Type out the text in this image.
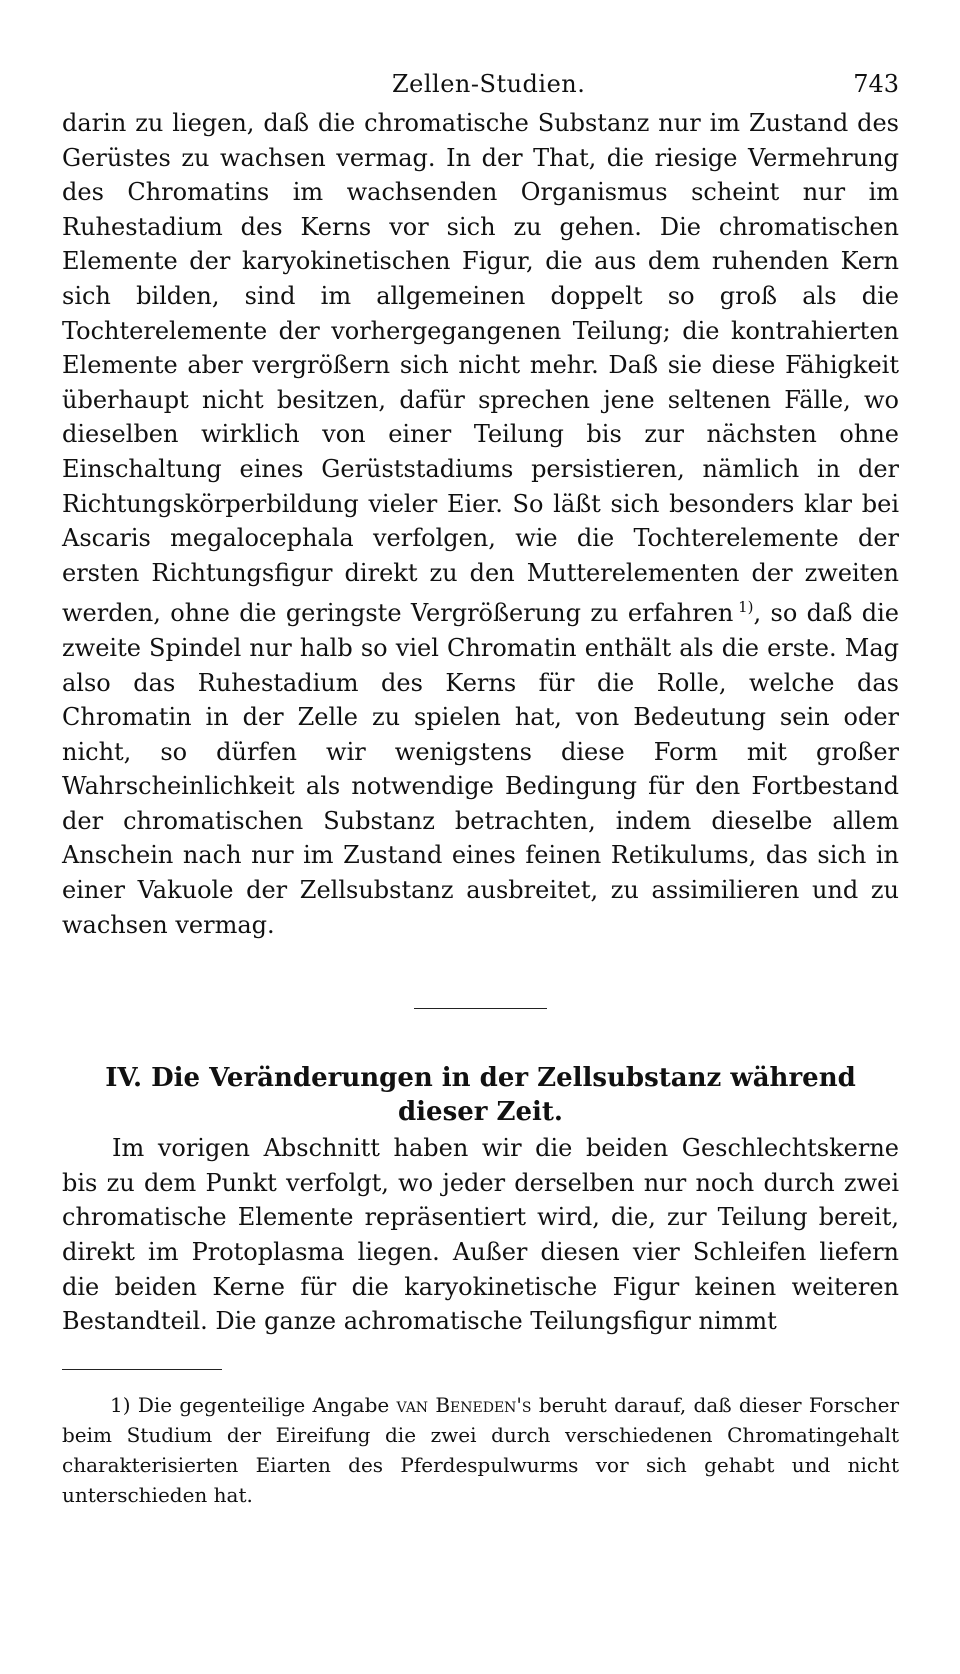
Zellen-Studien.	743

darin zu liegen, daß die chromatische Substanz nur im Zustand des Gerüstes zu wachsen vermag. In der That, die riesige Vermehrung des Chromatins im wachsenden Organismus scheint nur im Ruhestadium des Kerns vor sich zu gehen. Die chromatischen Elemente der karyokinetischen Figur, die aus dem ruhenden Kern sich bilden, sind im allgemeinen doppelt so groß als die Tochterelemente der vorhergegangenen Teilung; die kontrahierten Elemente aber vergrößern sich nicht mehr. Daß sie diese Fähigkeit überhaupt nicht besitzen, dafür sprechen jene seltenen Fälle, wo dieselben wirklich von einer Teilung bis zur nächsten ohne Einschaltung eines Gerüststadiums persistieren, nämlich in der Richtungskörperbildung vieler Eier. So läßt sich besonders klar bei Ascaris megalocephala verfolgen, wie die Tochterelemente der ersten Richtungsfigur direkt zu den Mutterelementen der zweiten werden, ohne die geringste Vergrößerung zu erfahren  $^{1)}$, so daß die zweite Spindel nur halb so viel Chromatin enthält als die erste. Mag also das Ruhestadium des Kerns für die Rolle, welche das Chromatin in der Zelle zu spielen hat, von Bedeutung sein oder nicht, so dürfen wir wenigstens diese Form mit großer Wahrscheinlichkeit als notwendige Bedingung für den Fortbestand der chromatischen Substanz betrachten, indem dieselbe allem Anschein nach nur im Zustand eines feinen Retikulums, das sich in einer Vakuole der Zellsubstanz ausbreitet, zu assimilieren und zu wachsen vermag.

IV. Die Veränderungen in der Zellsubstanz während
dieser Zeit.

Im vorigen Abschnitt haben wir die beiden Geschlechtskerne bis zu dem Punkt verfolgt, wo jeder derselben nur noch durch zwei chromatische Elemente repräsentiert wird, die, zur Teilung bereit, direkt im Protoplasma liegen. Außer diesen vier Schleifen liefern die beiden Kerne für die karyokinetische Figur keinen weiteren Bestandteil. Die ganze achromatische Teilungsfigur nimmt

1) Die gegenteilige Angabe van Beneden's beruht darauf, daß dieser Forscher beim Studium der Eireifung die zwei durch verschiedenen Chromatingehalt charakterisierten Eiarten des Pferdespulwurms vor sich gehabt und nicht unterschieden hat.
